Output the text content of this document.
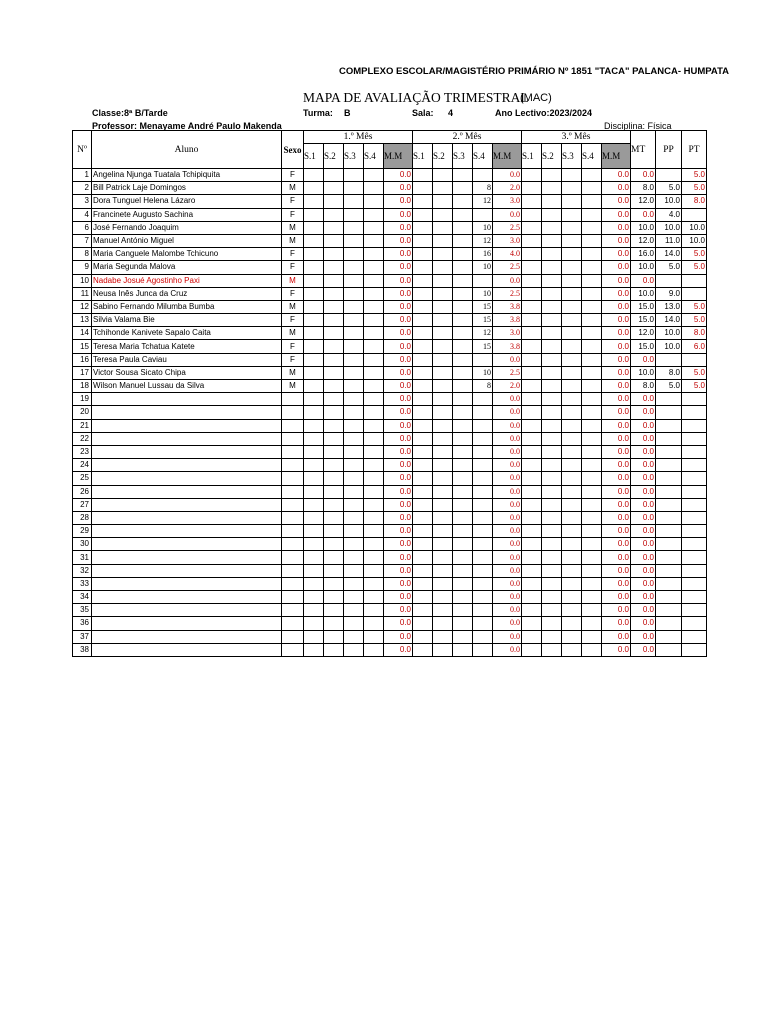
COMPLEXO ESCOLAR/MAGISTÉRIO PRIMÁRIO Nº 1851 "TACA" PALANCA- HUMPATA
MAPA DE AVALIAÇÃO TRIMESTRAL
(MAC)
Classe:8ª B/Tarde	Turma: B	Sala: 4	Ano Lectivo:2023/2024
Professor: Menayame André Paulo Makenda	Disciplina: Física
Nº	Aluno	Sexo	1.º Mês					2.º Mês					3.º Mês					MT	PP	PT
			S.1	S.2	S.3	S.4	M.M	S.1	S.2	S.3	S.4	M.M	S.1	S.2	S.3	S.4	M.M			
1	Angelina Njunga Tuatala Tchipiquita	F					0.0					0.0					0.0	0.0		5.0
2	Bill Patrick Laje Domingos	M					0.0				8	2.0					0.0	8.0	5.0	5.0
3	Dora Tunguel Helena Lázaro	F					0.0				12	3.0					0.0	12.0	10.0	8.0
4	Francinete Augusto Sachina	F					0.0					0.0					0.0	0.0	4.0	
6	José Fernando Joaquim	M					0.0				10	2.5					0.0	10.0	10.0	10.0
7	Manuel António Miguel	M					0.0				12	3.0					0.0	12.0	11.0	10.0
8	Maria Canguele Malombe Tchicuno	F					0.0				16	4.0					0.0	16.0	14.0	5.0
9	Maria Segunda Malova	F					0.0				10	2.5					0.0	10.0	5.0	5.0
10	Nadabe Josué Agostinho Paxi	M					0.0					0.0					0.0	0.0		
11	Neusa Inês Junca da Cruz	F					0.0				10	2.5					0.0	10.0	9.0	
12	Sabino Fernando Milumba Bumba	M					0.0				15	3.8					0.0	15.0	13.0	5.0
13	Silvia Valama Bie	F					0.0				15	3.8					0.0	15.0	14.0	5.0
14	Tchihonde Kanivete Sapalo Caita	M					0.0				12	3.0					0.0	12.0	10.0	8.0
15	Teresa Maria Tchatua Katete	F					0.0				15	3.8					0.0	15.0	10.0	6.0
16	Teresa Paula Caviau	F					0.0					0.0					0.0	0.0		
17	Victor Sousa Sicato Chipa	M					0.0				10	2.5					0.0	10.0	8.0	5.0
18	Wilson Manuel Lussau da Silva	M					0.0				8	2.0					0.0	8.0	5.0	5.0
19							0.0					0.0					0.0	0.0		
20							0.0					0.0					0.0	0.0		
21							0.0					0.0					0.0	0.0		
22							0.0					0.0					0.0	0.0		
23							0.0					0.0					0.0	0.0		
24							0.0					0.0					0.0	0.0		
25							0.0					0.0					0.0	0.0		
26							0.0					0.0					0.0	0.0		
27							0.0					0.0					0.0	0.0		
28							0.0					0.0					0.0	0.0		
29							0.0					0.0					0.0	0.0		
30							0.0					0.0					0.0	0.0		
31							0.0					0.0					0.0	0.0		
32							0.0					0.0					0.0	0.0		
33							0.0					0.0					0.0	0.0		
34							0.0					0.0					0.0	0.0		
35							0.0					0.0					0.0	0.0		
36							0.0					0.0					0.0	0.0		
37							0.0					0.0					0.0	0.0		
38							0.0					0.0					0.0	0.0		
